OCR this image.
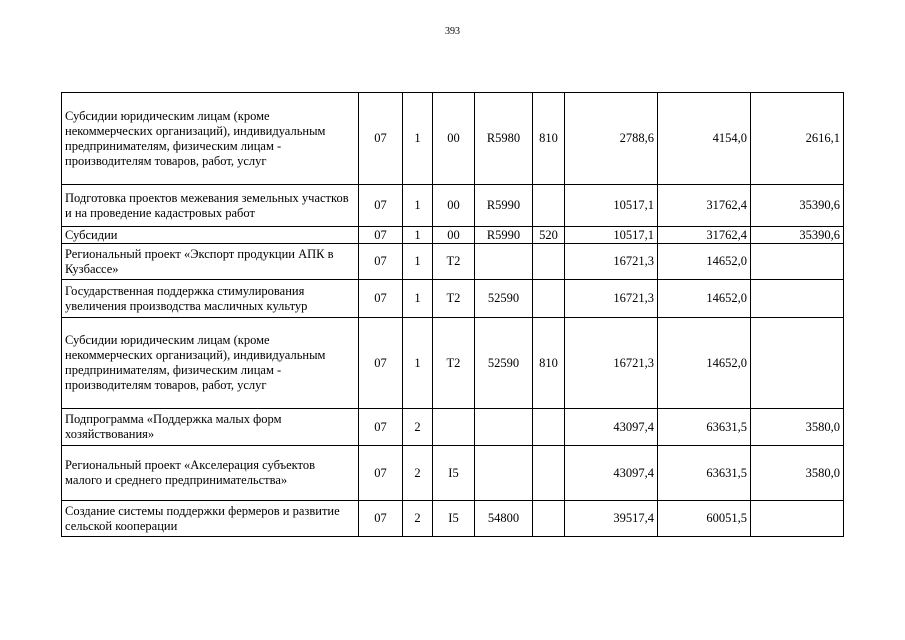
393
Субсидии юридическим лицам (кроме некоммерческих организаций), индивидуальным предпринимателям, физическим лицам - производителям товаров, работ, услуг	07	1	00	R5980	810	2788,6	4154,0	2616,1
Подготовка проектов межевания земельных участков и на проведение кадастровых работ	07	1	00	R5990		10517,1	31762,4	35390,6
Субсидии	07	1	00	R5990	520	10517,1	31762,4	35390,6
Региональный проект «Экспорт продукции АПК в Кузбассе»	07	1	T2			16721,3	14652,0	
Государственная поддержка стимулирования увеличения производства масличных культур	07	1	T2	52590		16721,3	14652,0	
Субсидии юридическим лицам (кроме некоммерческих организаций), индивидуальным предпринимателям, физическим лицам - производителям товаров, работ, услуг	07	1	T2	52590	810	16721,3	14652,0	
Подпрограмма «Поддержка малых форм хозяйствования»	07	2				43097,4	63631,5	3580,0
Региональный проект «Акселерация субъектов малого и среднего предпринимательства»	07	2	I5			43097,4	63631,5	3580,0
Создание системы поддержки фермеров и развитие сельской кооперации	07	2	I5	54800		39517,4	60051,5	
